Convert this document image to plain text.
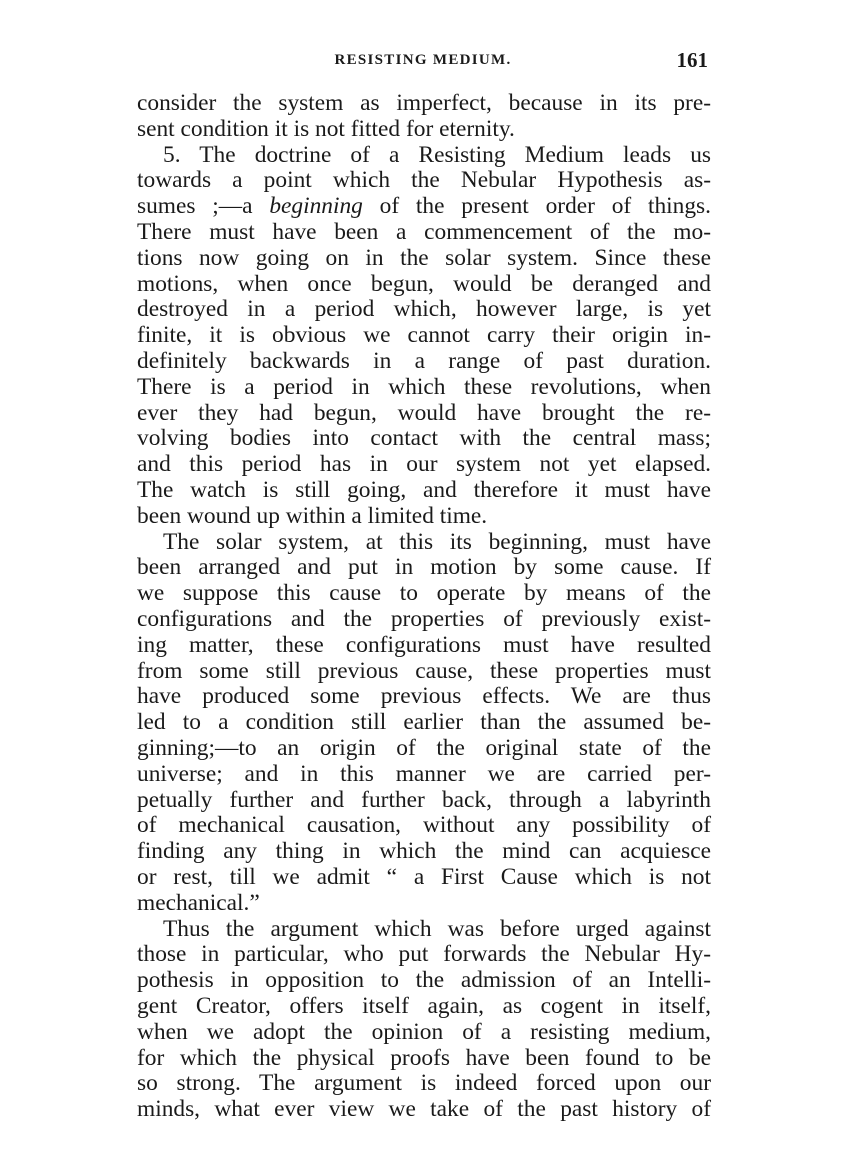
RESISTING MEDIUM.	161
consider the system as imperfect, because in its pre-
sent condition it is not fitted for eternity.
5. The doctrine of a Resisting Medium leads us
towards a point which the Nebular Hypothesis as-
sumes ;—a beginning of the present order of things.
There must have been a commencement of the mo-
tions now going on in the solar system. Since these
motions, when once begun, would be deranged and
destroyed in a period which, however large, is yet
finite, it is obvious we cannot carry their origin in-
definitely backwards in a range of past duration.
There is a period in which these revolutions, when
ever they had begun, would have brought the re-
volving bodies into contact with the central mass;
and this period has in our system not yet elapsed.
The watch is still going, and therefore it must have
been wound up within a limited time.
The solar system, at this its beginning, must have
been arranged and put in motion by some cause. If
we suppose this cause to operate by means of the
configurations and the properties of previously exist-
ing matter, these configurations must have resulted
from some still previous cause, these properties must
have produced some previous effects. We are thus
led to a condition still earlier than the assumed be-
ginning;—to an origin of the original state of the
universe; and in this manner we are carried per-
petually further and further back, through a labyrinth
of mechanical causation, without any possibility of
finding any thing in which the mind can acquiesce
or rest, till we admit “ a First Cause which is not
mechanical.”
Thus the argument which was before urged against
those in particular, who put forwards the Nebular Hy-
pothesis in opposition to the admission of an Intelli-
gent Creator, offers itself again, as cogent in itself,
when we adopt the opinion of a resisting medium,
for which the physical proofs have been found to be
so strong. The argument is indeed forced upon our
minds, what ever view we take of the past history of
